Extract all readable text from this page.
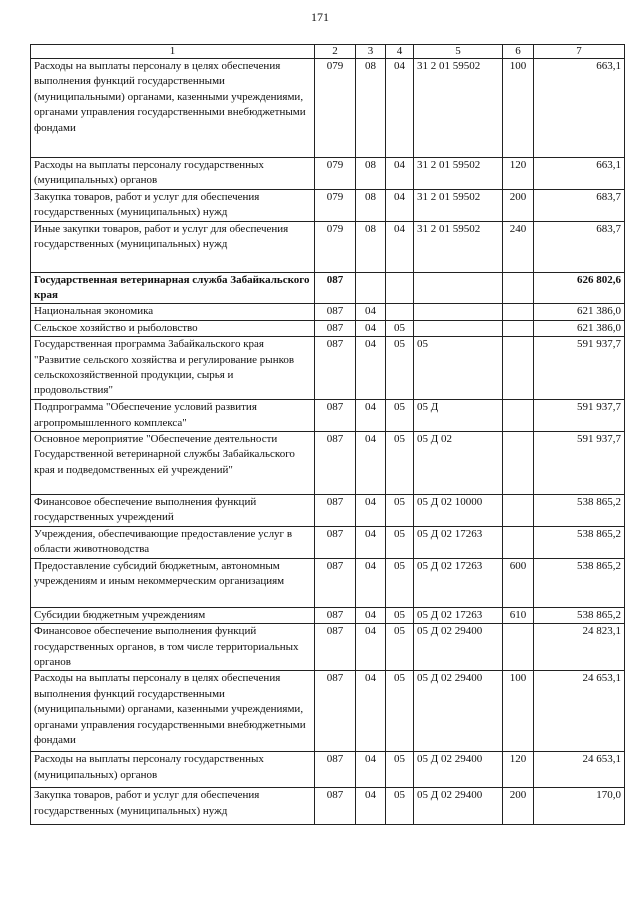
171
1	2	3	4	5	6	7
Расходы на выплаты персоналу в целях обеспечения выполнения функций государственными (муниципальными) органами, казенными учреждениями, органами управления государственными внебюджетными фондами	079	08	04	31 2 01 59502	100	663,1
Расходы на выплаты персоналу государственных (муниципальных) органов	079	08	04	31 2 01 59502	120	663,1
Закупка товаров, работ и услуг для обеспечения государственных (муниципальных) нужд	079	08	04	31 2 01 59502	200	683,7
Иные закупки товаров, работ и услуг для обеспечения государственных (муниципальных) нужд	079	08	04	31 2 01 59502	240	683,7
Государственная ветеринарная служба Забайкальского края	087					626 802,6
Национальная экономика	087	04				621 386,0
Сельское хозяйство и рыболовство	087	04	05			621 386,0
Государственная программа Забайкальского края "Развитие сельского хозяйства и регулирование рынков сельскохозяйственной продукции, сырья и продовольствия"	087	04	05	05		591 937,7
Подпрограмма "Обеспечение условий развития агропромышленного комплекса"	087	04	05	05 Д		591 937,7
Основное мероприятие "Обеспечение деятельности Государственной ветеринарной службы Забайкальского края и подведомственных ей учреждений"	087	04	05	05 Д 02		591 937,7
Финансовое обеспечение выполнения функций государственных учреждений	087	04	05	05 Д 02 10000		538 865,2
Учреждения, обеспечивающие предоставление услуг в области животноводства	087	04	05	05 Д 02 17263		538 865,2
Предоставление субсидий бюджетным, автономным учреждениям и иным некоммерческим организациям	087	04	05	05 Д 02 17263	600	538 865,2
Субсидии бюджетным учреждениям	087	04	05	05 Д 02 17263	610	538 865,2
Финансовое обеспечение выполнения функций государственных органов, в том числе территориальных органов	087	04	05	05 Д 02 29400		24 823,1
Расходы на выплаты персоналу в целях обеспечения выполнения функций государственными (муниципальными) органами, казенными учреждениями, органами управления государственными внебюджетными фондами	087	04	05	05 Д 02 29400	100	24 653,1
Расходы на выплаты персоналу государственных (муниципальных) органов	087	04	05	05 Д 02 29400	120	24 653,1
Закупка товаров, работ и услуг для обеспечения государственных (муниципальных) нужд	087	04	05	05 Д 02 29400	200	170,0
